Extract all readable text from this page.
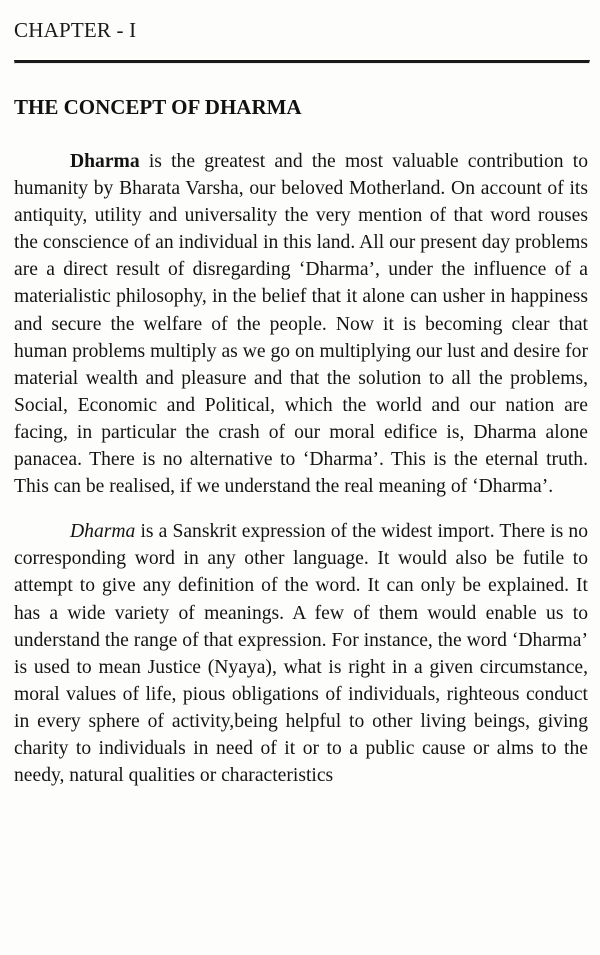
CHAPTER - I
THE CONCEPT OF DHARMA

Dharma is the greatest and the most valuable contribution to humanity by Bharata Varsha, our beloved Motherland. On account of its antiquity, utility and universality the very mention of that word rouses the conscience of an individual in this land. All our present day problems are a direct result of disregarding ‘Dharma’, under the influence of a materialistic philosophy, in the belief that it alone can usher in happiness and secure the welfare of the people. Now it is becoming clear that human problems multiply as we go on multiplying our lust and desire for material wealth and pleasure and that the solution to all the problems, Social, Economic and Political, which the world and our nation are facing, in particular the crash of our moral edifice is, Dharma alone panacea. There is no alternative to ‘Dharma’. This is the eternal truth. This can be realised, if we understand the real meaning of ‘Dharma’.

Dharma is a Sanskrit expression of the widest import. There is no corresponding word in any other language. It would also be futile to attempt to give any definition of the word. It can only be explained. It has a wide variety of meanings. A few of them would enable us to understand the range of that expression. For instance, the word ‘Dharma’ is used to mean Justice (Nyaya), what is right in a given circumstance, moral values of life, pious obligations of individuals, righteous conduct in every sphere of activity,being helpful to other living beings, giving charity to individuals in need of it or to a public cause or alms to the needy, natural qualities or characteristics
